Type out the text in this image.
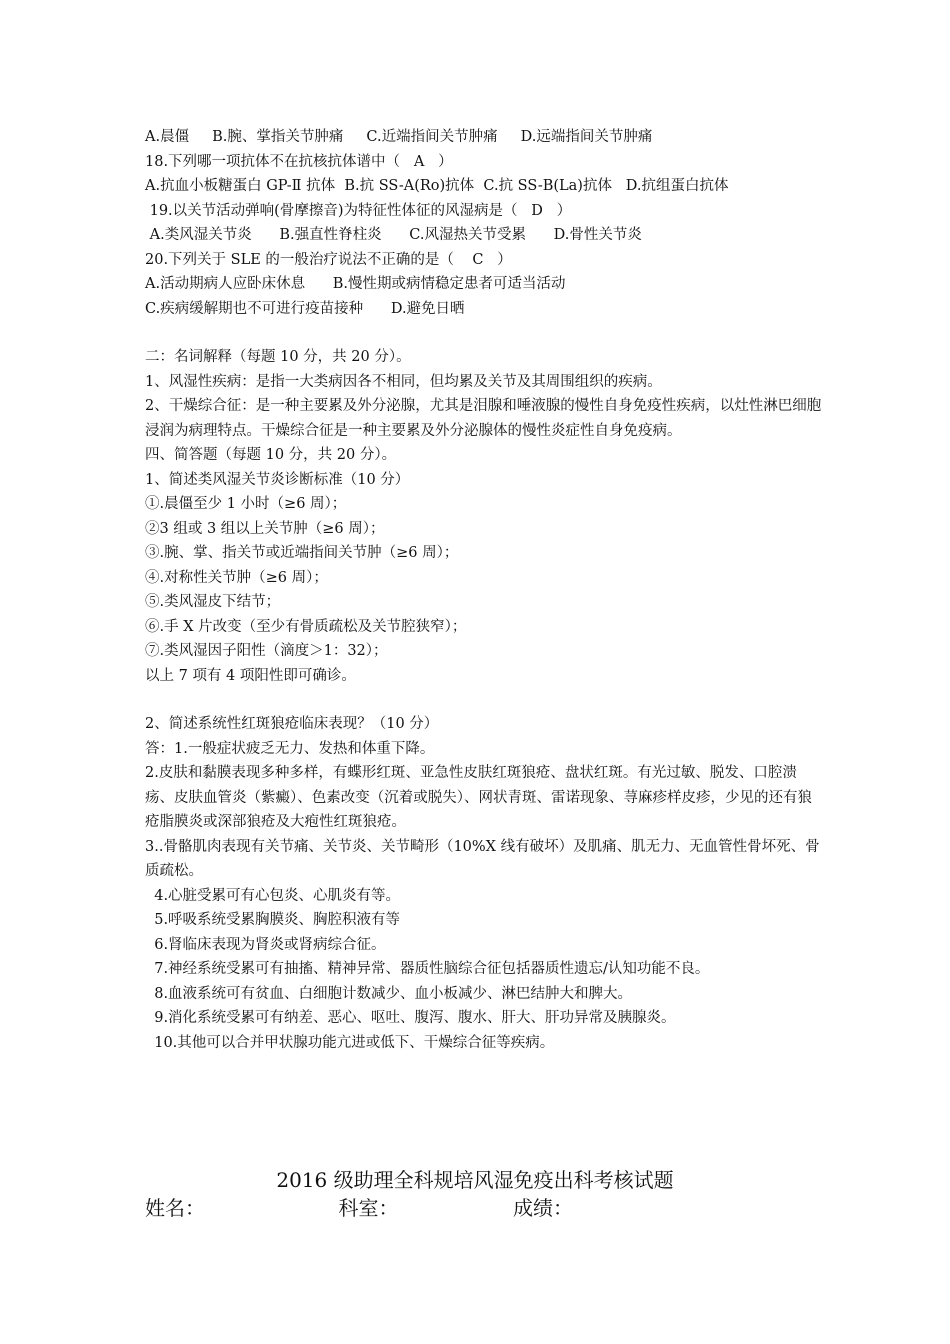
A.晨僵     B.腕、掌指关节肿痛     C.近端指间关节肿痛     D.远端指间关节肿痛
18.下列哪一项抗体不在抗核抗体谱中（   A   ）
A.抗血小板糖蛋白 GP-Ⅱ 抗体  B.抗 SS-A(Ro)抗体  C.抗 SS-B(La)抗体   D.抗组蛋白抗体
19.以关节活动弹响(骨摩擦音)为特征性体征的风湿病是（   D   ）
A.类风湿关节炎      B.强直性脊柱炎      C.风湿热关节受累      D.骨性关节炎
20.下列关于 SLE 的一般治疗说法不正确的是（    C   ）
A.活动期病人应卧床休息      B.慢性期或病情稳定患者可适当活动
C.疾病缓解期也不可进行疫苗接种      D.避免日晒
二：名词解释（每题 10 分，共 20 分）。
1、风湿性疾病：是指一大类病因各不相同，但均累及关节及其周围组织的疾病。
2、干燥综合征：是一种主要累及外分泌腺，尤其是泪腺和唾液腺的慢性自身免疫性疾病，以灶性淋巴细胞浸润为病理特点。干燥综合征是一种主要累及外分泌腺体的慢性炎症性自身免疫病。
四、简答题（每题 10 分，共 20 分）。
1、简述类风湿关节炎诊断标准（10 分）
①.晨僵至少 1 小时（≥6 周）；
②3 组或 3 组以上关节肿（≥6 周）；
③.腕、掌、指关节或近端指间关节肿（≥6 周）；
④.对称性关节肿（≥6 周）；
⑤.类风湿皮下结节；
⑥.手 X 片改变（至少有骨质疏松及关节腔狭窄）；
⑦.类风湿因子阳性（滴度＞1：32）；
以上 7 项有 4 项阳性即可确诊。
2、简述系统性红斑狼疮临床表现？（10 分）
答：1.一般症状疲乏无力、发热和体重下降。
2.皮肤和黏膜表现多种多样，有蝶形红斑、亚急性皮肤红斑狼疮、盘状红斑。有光过敏、脱发、口腔溃疡、皮肤血管炎（紫癜）、色素改变（沉着或脱失）、网状青斑、雷诺现象、荨麻疹样皮疹，少见的还有狼疮脂膜炎或深部狼疮及大疱性红斑狼疮。
3..骨骼肌肉表现有关节痛、关节炎、关节畸形（10%X 线有破坏）及肌痛、肌无力、无血管性骨坏死、骨质疏松。
4.心脏受累可有心包炎、心肌炎有等。
5.呼吸系统受累胸膜炎、胸腔积液有等
6.肾临床表现为肾炎或肾病综合征。
7.神经系统受累可有抽搐、精神异常、器质性脑综合征包括器质性遗忘/认知功能不良。
8.血液系统可有贫血、白细胞计数减少、血小板减少、淋巴结肿大和脾大。
9.消化系统受累可有纳差、恶心、呕吐、腹泻、腹水、肝大、肝功异常及胰腺炎。
10.其他可以合并甲状腺功能亢进或低下、干燥综合征等疾病。
2016 级助理全科规培风湿免疫出科考核试题
姓名：                     科室：                  成绩：
